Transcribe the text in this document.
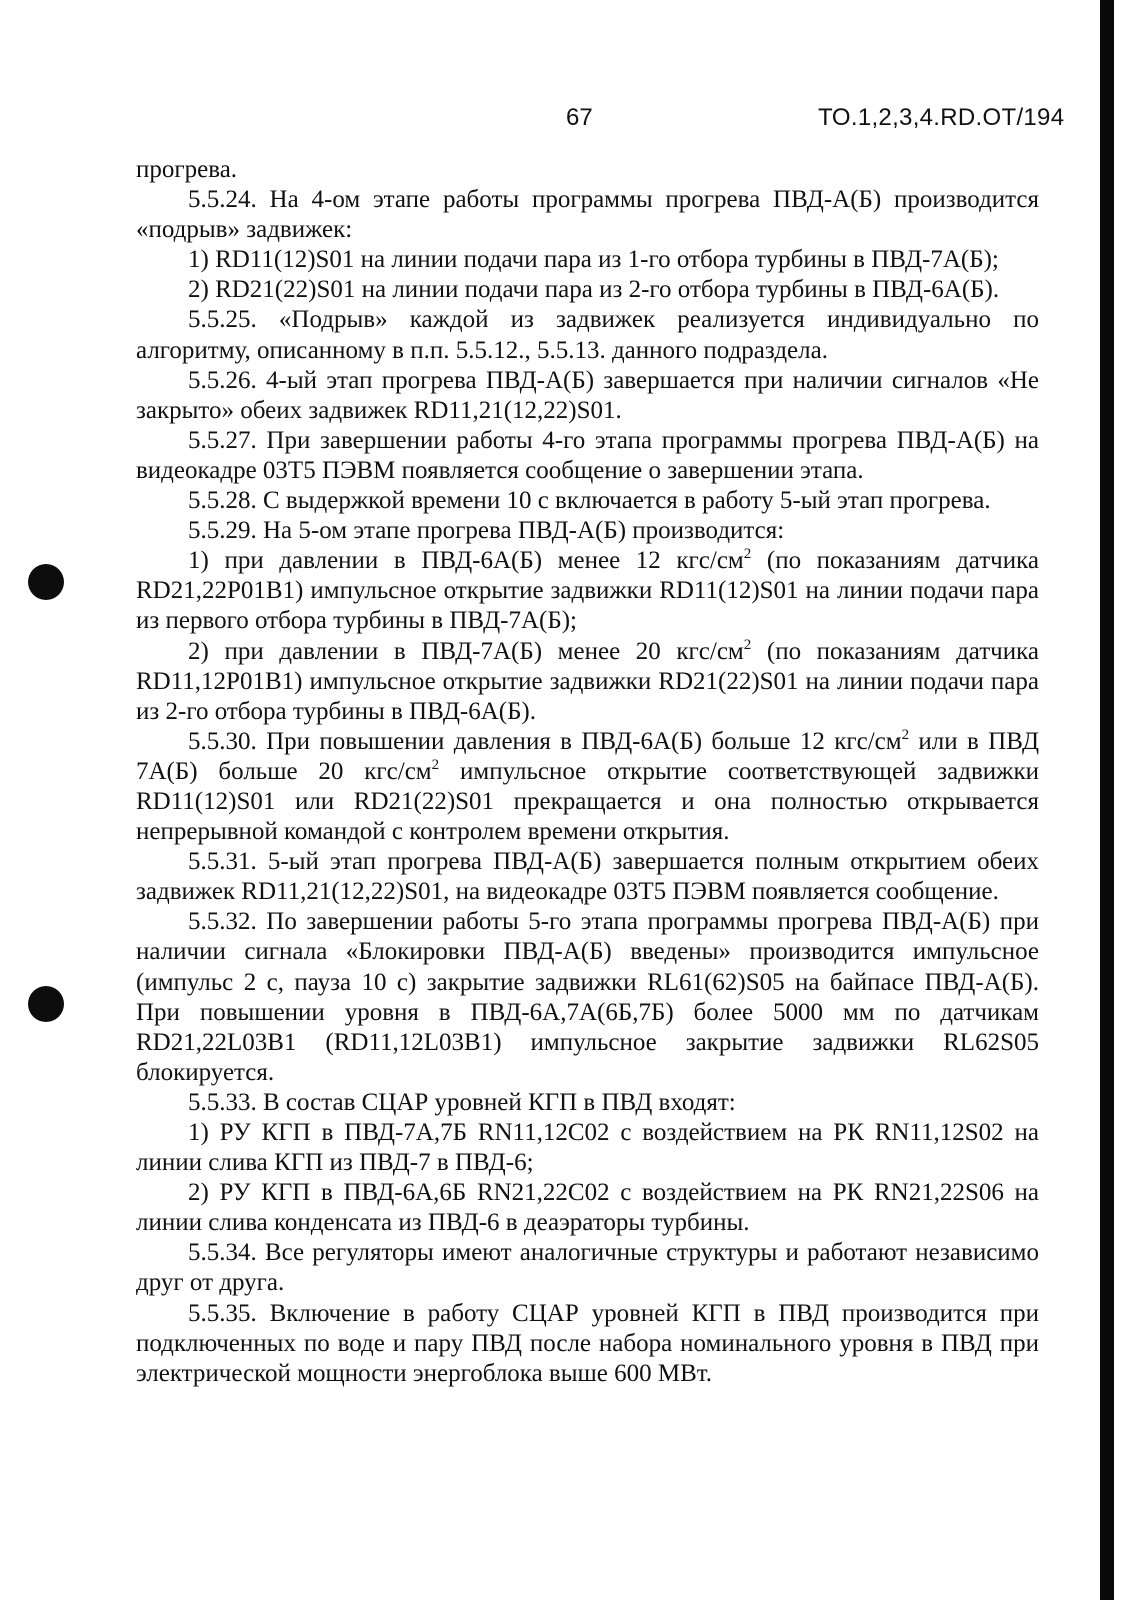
67	ТО.1,2,3,4.RD.ОТ/194

прогрева.

5.5.24. На 4-ом этапе работы программы прогрева ПВД-А(Б) производится «подрыв» задвижек:

1) RD11(12)S01 на линии подачи пара из 1-го отбора турбины в ПВД-7А(Б);

2) RD21(22)S01 на линии подачи пара из 2-го отбора турбины в ПВД-6А(Б).

5.5.25. «Подрыв» каждой из задвижек реализуется индивидуально по алгоритму, описанному в п.п. 5.5.12., 5.5.13. данного подраздела.

5.5.26. 4-ый этап прогрева ПВД-А(Б) завершается при наличии сигналов «Не закрыто» обеих задвижек RD11,21(12,22)S01.

5.5.27. При завершении работы 4-го этапа программы прогрева ПВД-А(Б) на видеокадре 03Т5 ПЭВМ появляется сообщение о завершении этапа.

5.5.28. С выдержкой времени 10 с включается в работу 5-ый этап прогрева.

5.5.29. На 5-ом этапе прогрева ПВД-А(Б) производится:

1) при давлении в ПВД-6А(Б) менее 12 кгс/$см^2$ (по показаниям датчика RD21,22P01B1) импульсное открытие задвижки RD11(12)S01 на линии подачи пара из первого отбора турбины в ПВД-7А(Б);

2) при давлении в ПВД-7А(Б) менее 20 кгс/$см^2$ (по показаниям датчика RD11,12P01B1) импульсное открытие задвижки RD21(22)S01 на линии подачи пара из 2-го отбора турбины в ПВД-6А(Б).

5.5.30. При повышении давления в ПВД-6А(Б) больше 12 кгс/$см^2$ или в ПВД 7А(Б) больше 20 кгс/$см^2$ импульсное открытие соответствующей задвижки RD11(12)S01 или RD21(22)S01 прекращается и она полностью открывается непрерывной командой с контролем времени открытия.

5.5.31. 5-ый этап прогрева ПВД-А(Б) завершается полным открытием обеих задвижек RD11,21(12,22)S01, на видеокадре 03Т5 ПЭВМ появляется сообщение.

5.5.32. По завершении работы 5-го этапа программы прогрева ПВД-А(Б) при наличии сигнала «Блокировки ПВД-А(Б) введены» производится импульсное (импульс 2 с, пауза 10 с) закрытие задвижки RL61(62)S05 на байпасе ПВД-А(Б). При повышении уровня в ПВД-6А,7А(6Б,7Б) более 5000 мм по датчикам RD21,22L03B1 (RD11,12L03B1) импульсное закрытие задвижки RL62S05 блокируется.

5.5.33. В состав СЦАР уровней КГП в ПВД входят:

1) РУ КГП в ПВД-7А,7Б RN11,12C02 с воздействием на РК RN11,12S02 на линии слива КГП из ПВД-7 в ПВД-6;

2) РУ КГП в ПВД-6А,6Б RN21,22C02 с воздействием на РК RN21,22S06 на линии слива конденсата из ПВД-6 в деаэраторы турбины.

5.5.34. Все регуляторы имеют аналогичные структуры и работают независимо друг от друга.

5.5.35. Включение в работу СЦАР уровней КГП в ПВД производится при подключенных по воде и пару ПВД после набора номинального уровня в ПВД при электрической мощности энергоблока выше 600 МВт.
